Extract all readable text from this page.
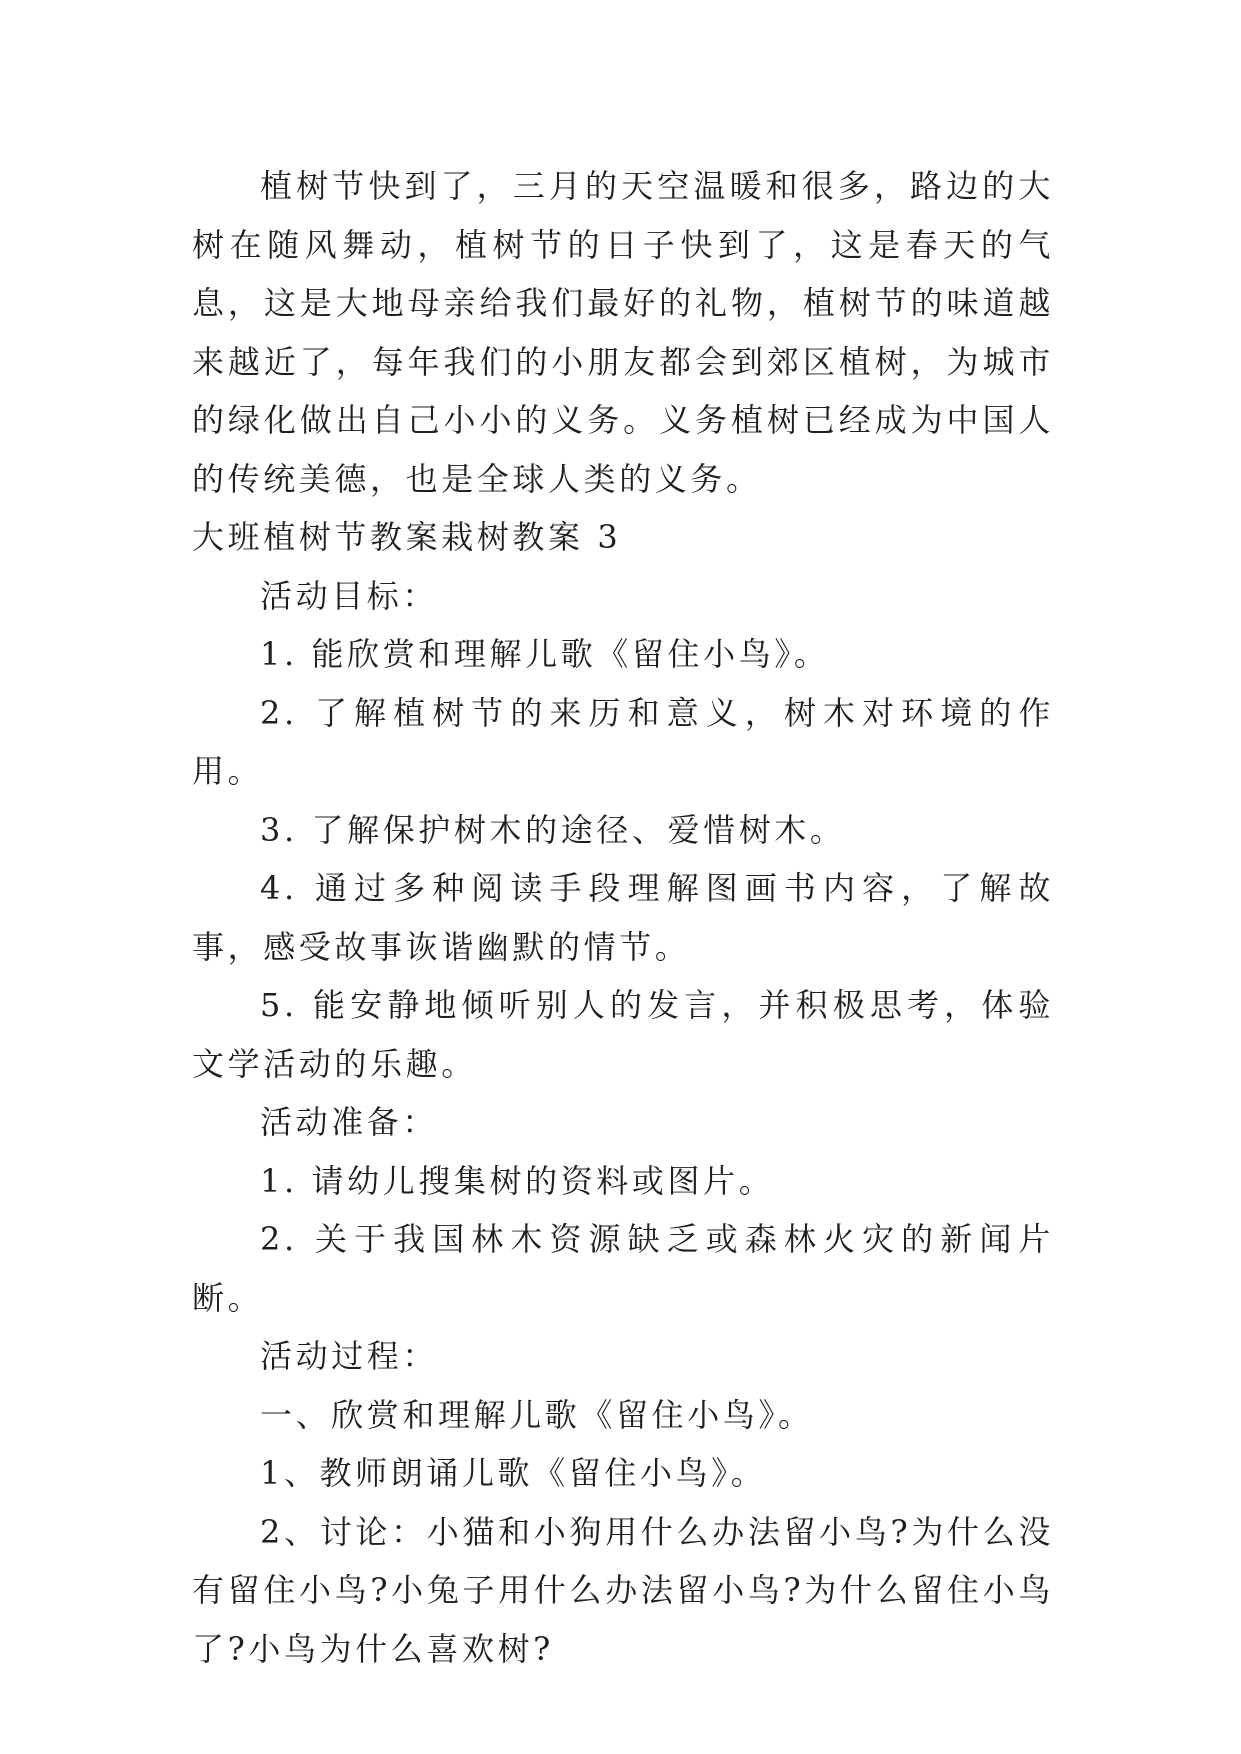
植树节快到了，三月的天空温暖和很多，路边的大树在随风舞动，植树节的日子快到了，这是春天的气息，这是大地母亲给我们最好的礼物，植树节的味道越来越近了，每年我们的小朋友都会到郊区植树，为城市的绿化做出自己小小的义务。义务植树已经成为中国人的传统美德，也是全球人类的义务。

大班植树节教案栽树教案 3

活动目标：

1. 能欣赏和理解儿歌《留住小鸟》。

2. 了解植树节的来历和意义，树木对环境的作用。

3. 了解保护树木的途径、爱惜树木。

4. 通过多种阅读手段理解图画书内容，了解故事，感受故事诙谐幽默的情节。

5. 能安静地倾听别人的发言，并积极思考，体验文学活动的乐趣。

活动准备：

1. 请幼儿搜集树的资料或图片。

2. 关于我国林木资源缺乏或森林火灾的新闻片断。

活动过程：

一、欣赏和理解儿歌《留住小鸟》。

1、教师朗诵儿歌《留住小鸟》。

2、讨论：小猫和小狗用什么办法留小鸟?为什么没有留住小鸟?小兔子用什么办法留小鸟?为什么留住小鸟了?小鸟为什么喜欢树?
